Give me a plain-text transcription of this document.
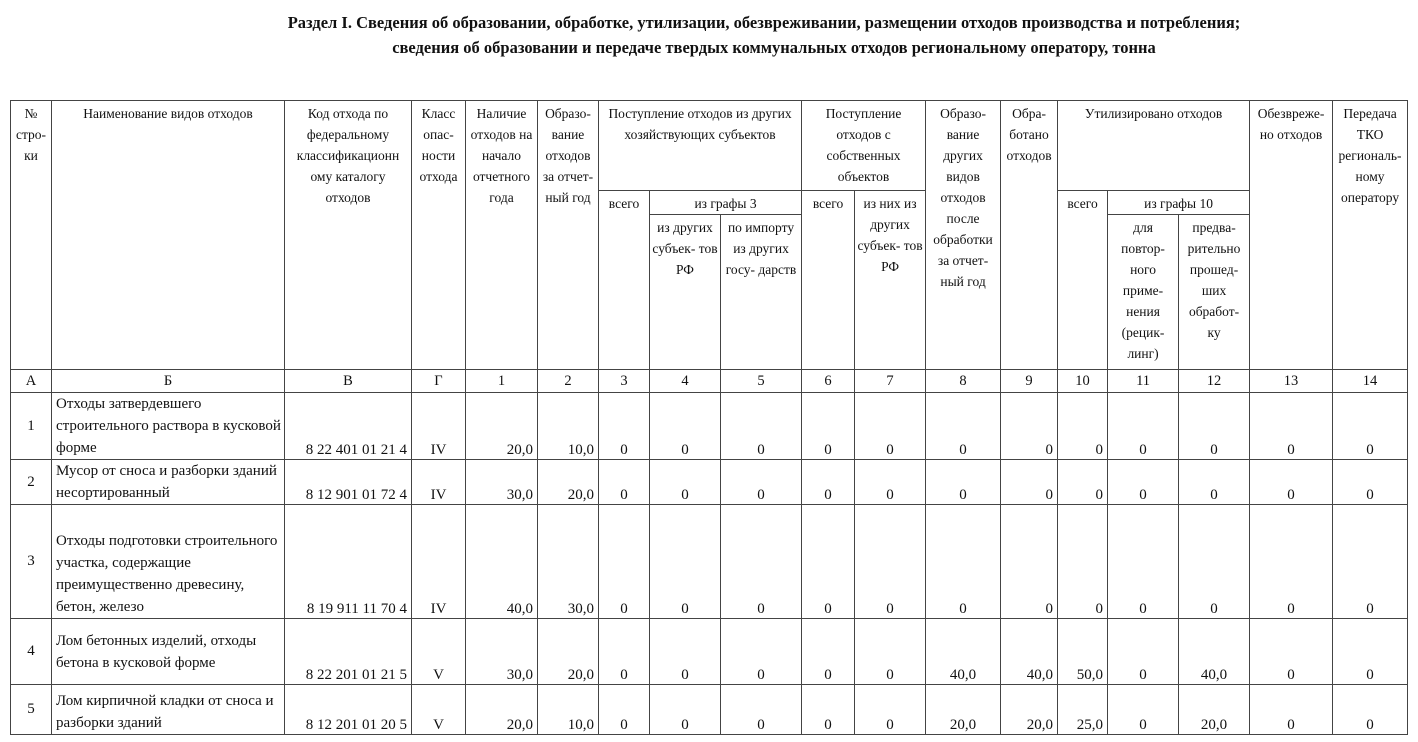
Раздел I. Сведения об образовании, обработке, утилизации, обезвреживании, размещении отходов производства и потребления;
сведения об образовании и передаче твердых коммунальных отходов региональному оператору, тонна
№ стро- ки	Наименование видов отходов	Код отхода по федеральному классификационн ому каталогу отходов	Класс опас- ности отхода	Наличие отходов на начало отчетного года	Образо- вание отходов за отчет- ный год	Поступление отходов из других хозяйствующих субъектов			Поступление отходов с собственных объектов		Образо- вание других видов отходов после обработки за отчет- ный год	Обра- ботано отходов	Утилизировано отходов			Обезвреже- но отходов	Передача ТКО региональ- ному оператору
						всего	из графы 3		всего	из них из других субъек- тов РФ			всего	из графы 10			
							из других субъек- тов РФ	по импорту из других госу- дарств						для повтор- ного приме- нения (рецик- линг)	предва- рительно прошед- ших обработ- ку		
А	Б	В	Г	1	2	3	4	5	6	7	8	9	10	11	12	13	14
1	Отходы затвердевшего строительного раствора в кусковой форме	8 22 401 01 21 4	IV	20,0	10,0	0	0	0	0	0	0	0	0	0	0	0	0
2	Мусор от сноса и разборки зданий несортированный	8 12 901 01 72 4	IV	30,0	20,0	0	0	0	0	0	0	0	0	0	0	0	0
3	Отходы подготовки строительного участка, содержащие преимущественно древесину, бетон, железо	8 19 911 11 70 4	IV	40,0	30,0	0	0	0	0	0	0	0	0	0	0	0	0
4	Лом бетонных изделий, отходы бетона в кусковой форме	8 22 201 01 21 5	V	30,0	20,0	0	0	0	0	0	40,0	40,0	50,0	0	40,0	0	0
5	Лом кирпичной кладки от сноса и разборки зданий	8 12 201 01 20 5	V	20,0	10,0	0	0	0	0	0	20,0	20,0	25,0	0	20,0	0	0
